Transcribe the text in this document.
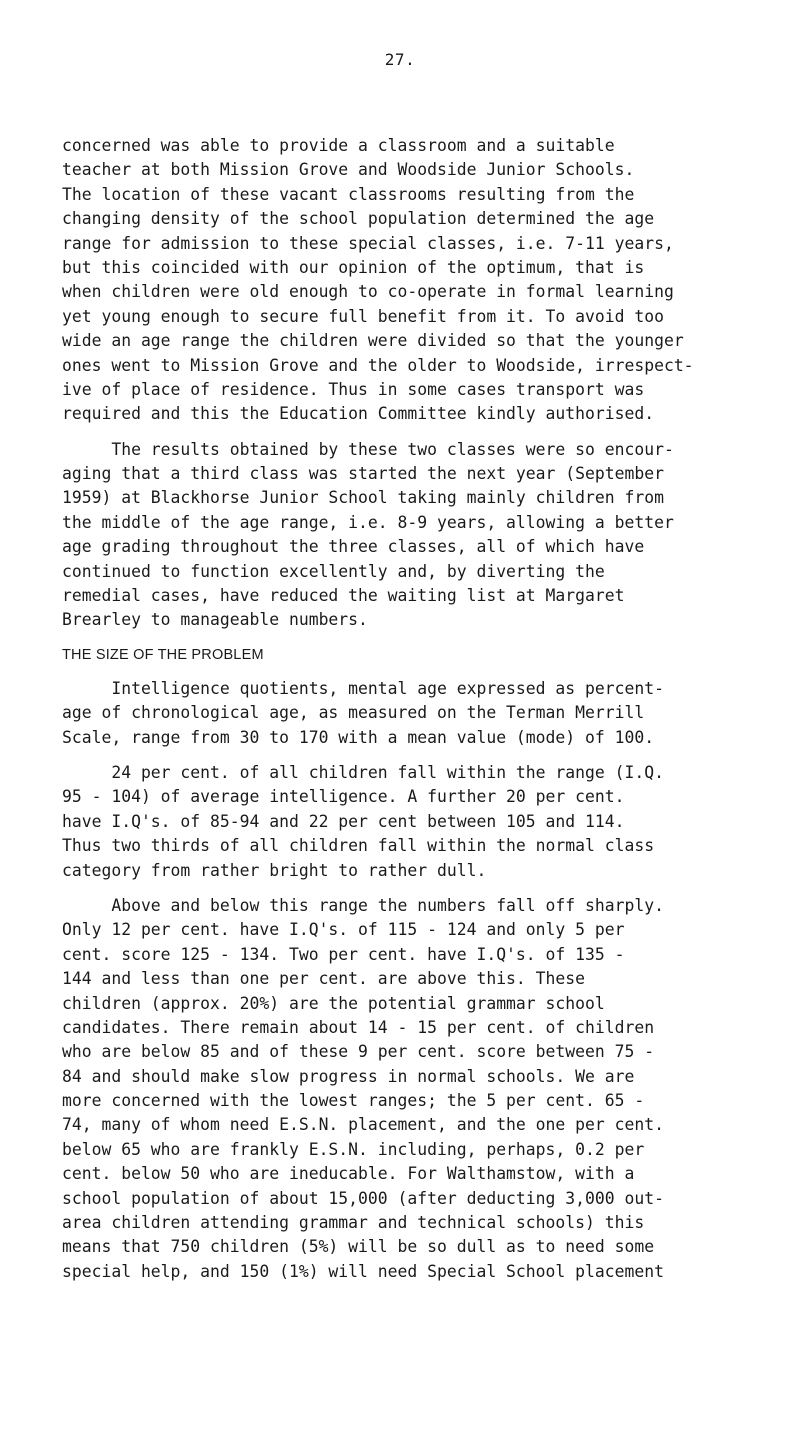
27.
concerned was able to provide a classroom and a suitable
teacher at both Mission Grove and Woodside Junior Schools.
The location of these vacant classrooms resulting from the
changing density of the school population determined the age
range for admission to these special classes, i.e. 7-11 years,
but this coincided with our opinion of the optimum, that is
when children were old enough to co-operate in formal learning
yet young enough to secure full benefit from it. To avoid too
wide an age range the children were divided so that the younger
ones went to Mission Grove and the older to Woodside, irrespect-
ive of place of residence. Thus in some cases transport was
required and this the Education Committee kindly authorised.
The results obtained by these two classes were so encour-
aging that a third class was started the next year (September
1959) at Blackhorse Junior School taking mainly children from
the middle of the age range, i.e. 8-9 years, allowing a better
age grading throughout the three classes, all of which have
continued to function excellently and, by diverting the
remedial cases, have reduced the waiting list at Margaret
Brearley to manageable numbers.
THE SIZE OF THE PROBLEM
Intelligence quotients, mental age expressed as percent-
age of chronological age, as measured on the Terman Merrill
Scale, range from 30 to 170 with a mean value (mode) of 100.
24 per cent. of all children fall within the range (I.Q.
95 - 104) of average intelligence. A further 20 per cent.
have I.Q's. of 85-94 and 22 per cent between 105 and 114.
Thus two thirds of all children fall within the normal class
category from rather bright to rather dull.
Above and below this range the numbers fall off sharply.
Only 12 per cent. have I.Q's. of 115 - 124 and only 5 per
cent. score 125 - 134. Two per cent. have I.Q's. of 135 -
144 and less than one per cent. are above this. These
children (approx. 20%) are the potential grammar school
candidates. There remain about 14 - 15 per cent. of children
who are below 85 and of these 9 per cent. score between 75 -
84 and should make slow progress in normal schools. We are
more concerned with the lowest ranges; the 5 per cent. 65 -
74, many of whom need E.S.N. placement, and the one per cent.
below 65 who are frankly E.S.N. including, perhaps, 0.2 per
cent. below 50 who are ineducable. For Walthamstow, with a
school population of about 15,000 (after deducting 3,000 out-
area children attending grammar and technical schools) this
means that 750 children (5%) will be so dull as to need some
special help, and 150 (1%) will need Special School placement
